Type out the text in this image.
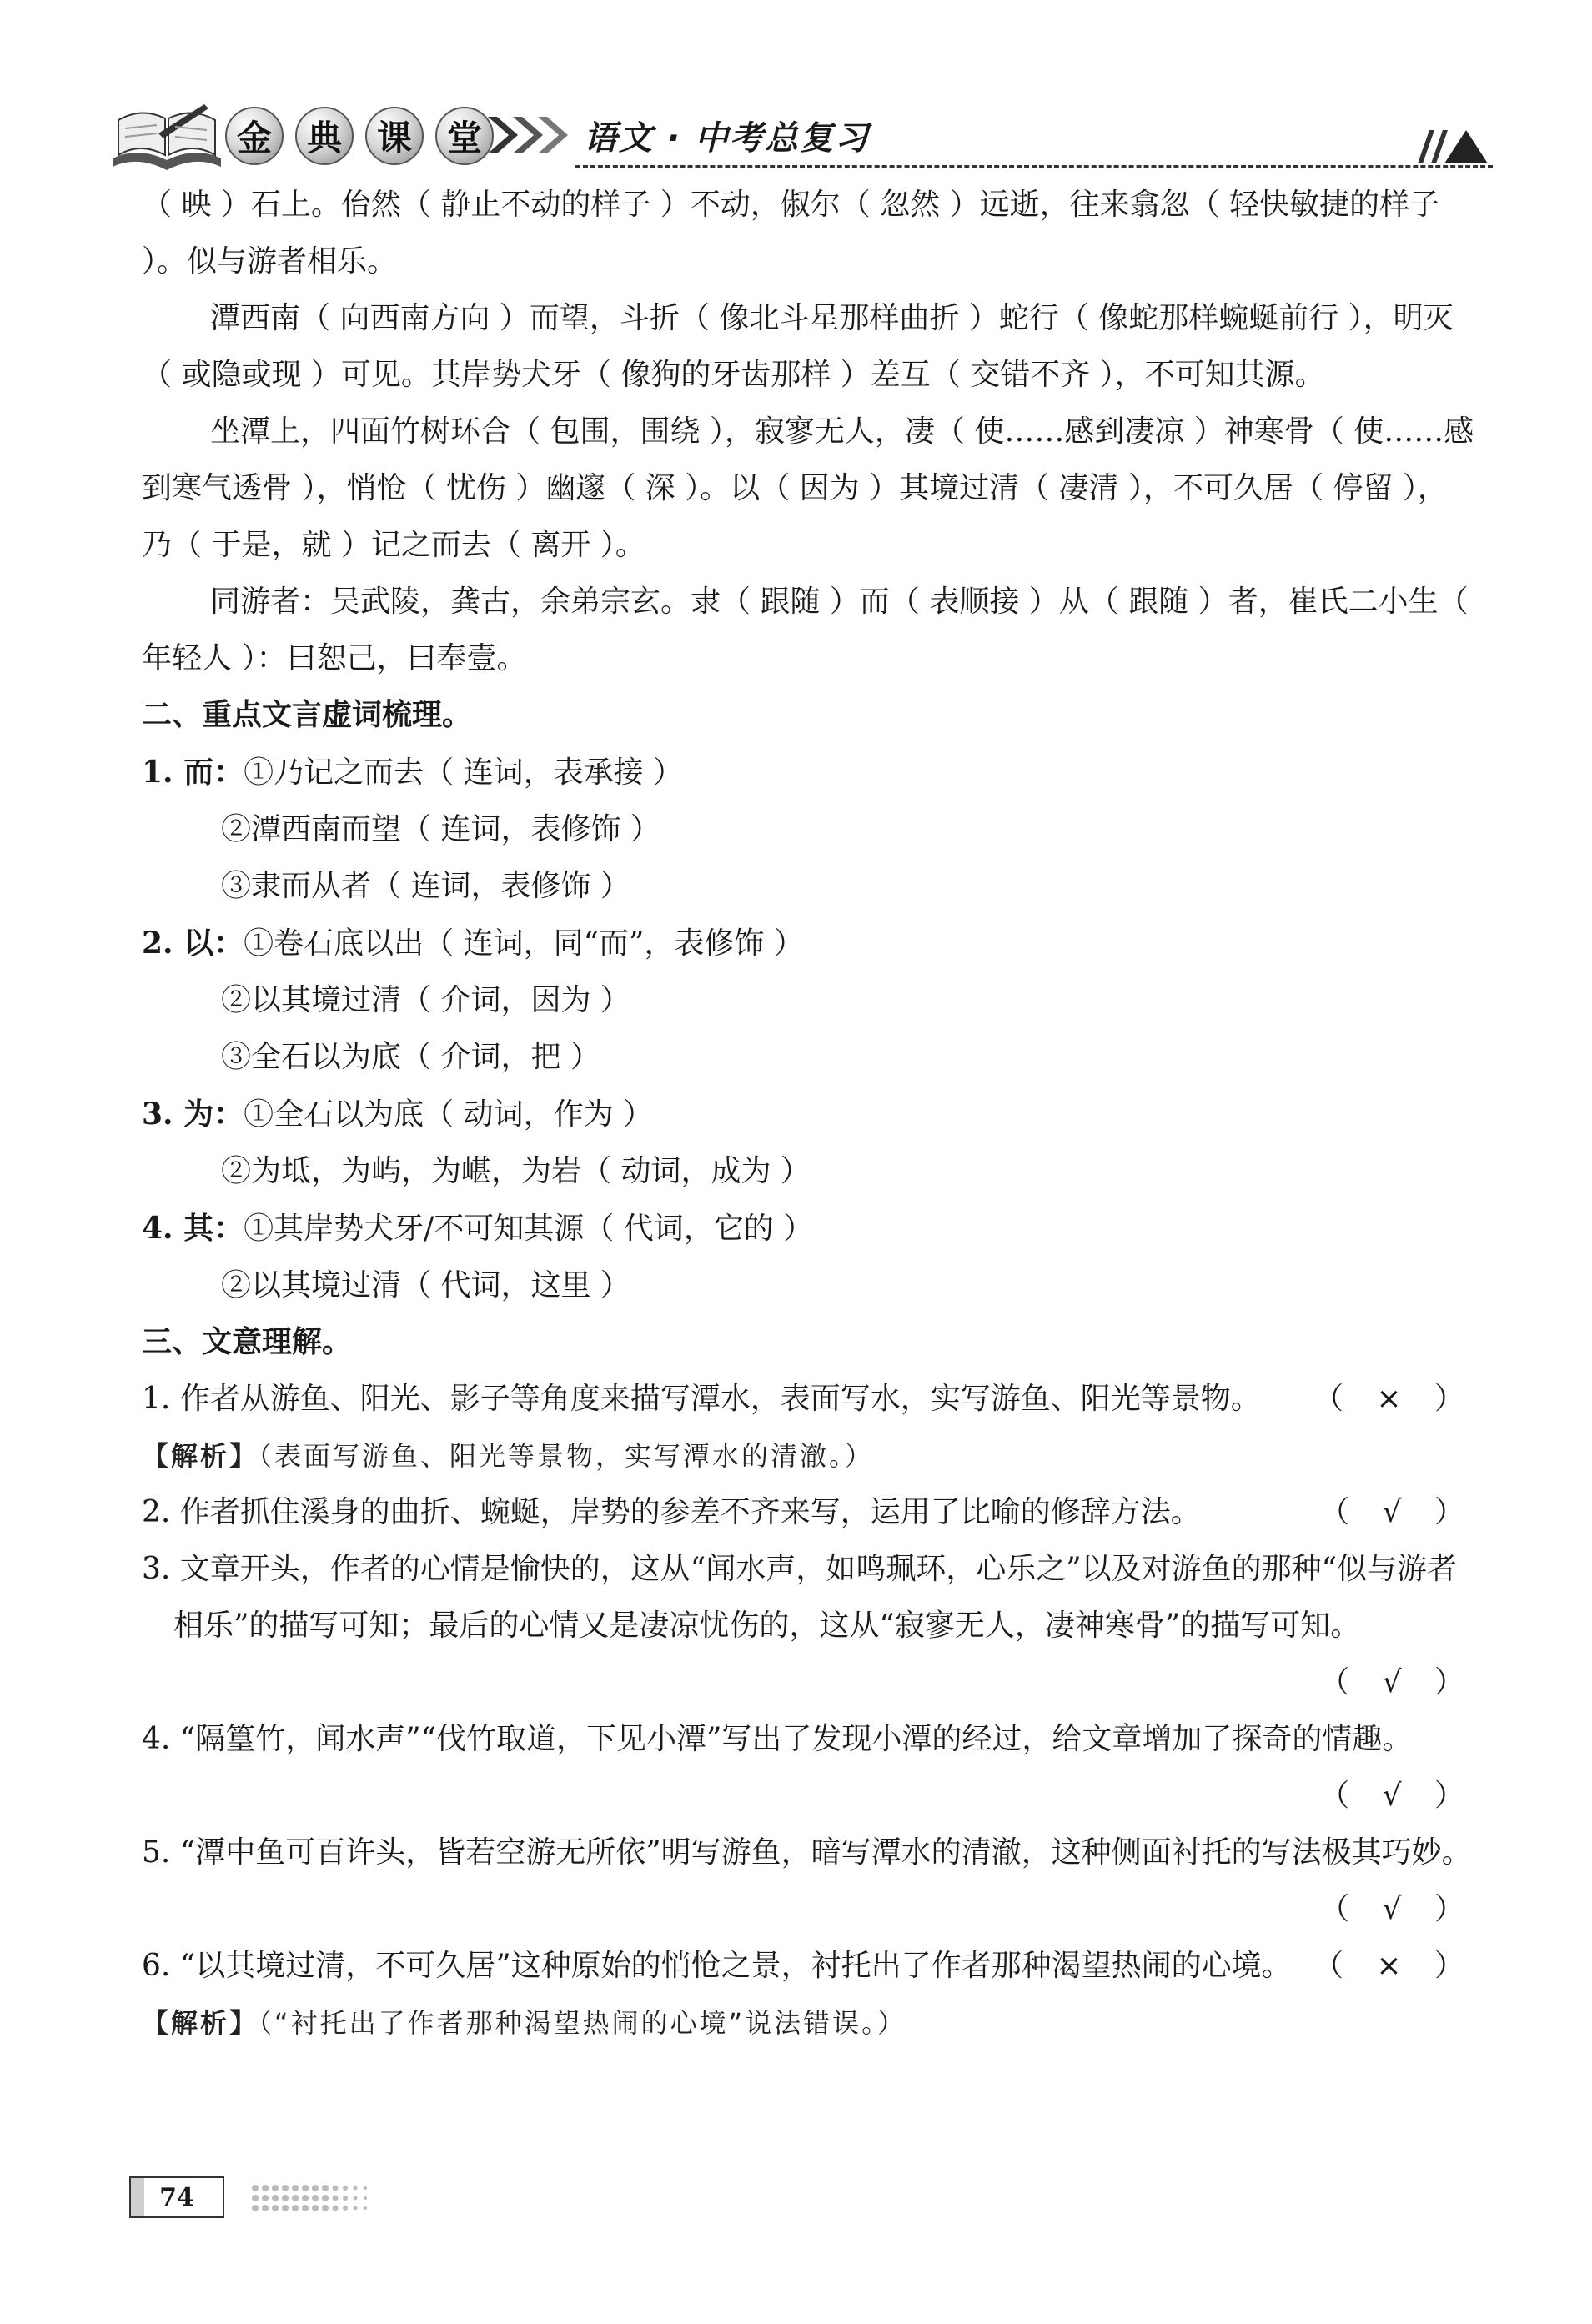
金 典 课 堂	语文 · 中考总复习

（ 映 ）石上。佁然（ 静止不动的样子 ）不动，俶尔（ 忽然 ）远逝，往来翕忽（ 轻快敏捷的样子 ）。似与游者相乐。

潭西南（ 向西南方向 ）而望，斗折（ 像北斗星那样曲折 ）蛇行（ 像蛇那样蜿蜒前行 ），明灭（ 或隐或现 ）可见。其岸势犬牙（ 像狗的牙齿那样 ）差互（ 交错不齐 ），不可知其源。

坐潭上，四面竹树环合（ 包围，围绕 ），寂寥无人，凄（ 使……感到凄凉 ）神寒骨（ 使……感到寒气透骨 ），悄怆（ 忧伤 ）幽邃（ 深 ）。以（ 因为 ）其境过清（ 凄清 ），不可久居（ 停留 ），乃（ 于是，就 ）记之而去（ 离开 ）。

同游者：吴武陵，龚古，余弟宗玄。隶（ 跟随 ）而（ 表顺接 ）从（ 跟随 ）者，崔氏二小生（ 年轻人 ）：曰恕己，曰奉壹。

二、重点文言虚词梳理。
1. 而：①乃记之而去（ 连词，表承接 ）
②潭西南而望（ 连词，表修饰 ）
③隶而从者（ 连词，表修饰 ）
2. 以：①卷石底以出（ 连词，同“而”，表修饰 ）
②以其境过清（ 介词，因为 ）
③全石以为底（ 介词，把 ）
3. 为：①全石以为底（ 动词，作为 ）
②为坻，为屿，为嵁，为岩（ 动词，成为 ）
4. 其：①其岸势犬牙/不可知其源（ 代词，它的 ）
②以其境过清（ 代词，这里 ）
三、文意理解。
1. 作者从游鱼、阳光、影子等角度来描写潭水，表面写水，实写游鱼、阳光等景物。 （ × ）
【解析】（表面写游鱼、阳光等景物，实写潭水的清澈。）
2. 作者抓住溪身的曲折、蜿蜒，岸势的参差不齐来写，运用了比喻的修辞方法。	（ √ ）
3. 文章开头，作者的心情是愉快的，这从“闻水声，如鸣珮环，心乐之”以及对游鱼的那种“似与游者相乐”的描写可知；最后的心情又是凄凉忧伤的，这从“寂寥无人，凄神寒骨”的描写可知。
（ √ ）
4. “隔篁竹，闻水声”“伐竹取道，下见小潭”写出了发现小潭的经过，给文章增加了探奇的情趣。
（ √ ）
5. “潭中鱼可百许头，皆若空游无所依”明写游鱼，暗写潭水的清澈，这种侧面衬托的写法极其巧妙。
（ √ ）
6. “以其境过清，不可久居”这种原始的悄怆之景，衬托出了作者那种渴望热闹的心境。 （ × ）
【解析】（“衬托出了作者那种渴望热闹的心境”说法错误。）
74
